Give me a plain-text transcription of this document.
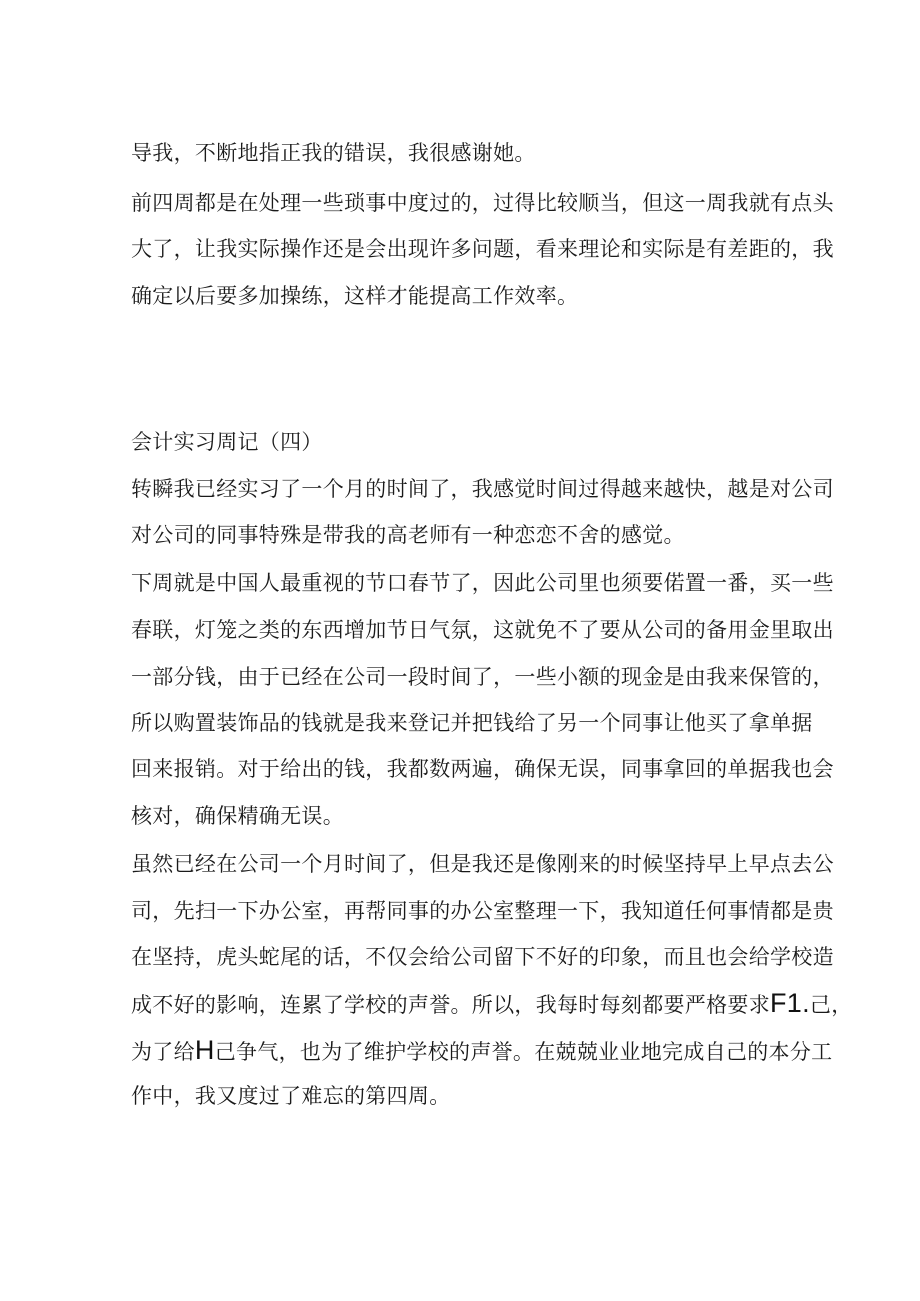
导我，不断地指正我的错误，我很感谢她。
前四周都是在处理一些琐事中度过的，过得比较顺当，但这一周我就有点头
大了，让我实际操作还是会出现许多问题，看来理论和实际是有差距的，我
确定以后要多加操练，这样才能提高工作效率。
会计实习周记（四）
转瞬我已经实习了一个月的时间了，我感觉时间过得越来越快，越是对公司
对公司的同事特殊是带我的高老师有一种恋恋不舍的感觉。
下周就是中国人最重视的节口春节了，因此公司里也须要偌置一番，买一些
春联，灯笼之类的东西增加节日气氛，这就免不了要从公司的备用金里取出
一部分钱，由于已经在公司一段时间了，一些小额的现金是由我来保管的，
所以购置装饰品的钱就是我来登记并把钱给了另一个同事让他买了拿单据
回来报销。对于给出的钱，我都数两遍，确保无误，同事拿回的单据我也会
核对，确保精确无误。
虽然已经在公司一个月时间了，但是我还是像刚来的时候坚持早上早点去公
司，先扫一下办公室，再帮同事的办公室整理一下，我知道任何事情都是贵
在坚持，虎头蛇尾的话，不仅会给公司留下不好的印象，而且也会给学校造
成不好的影响，连累了学校的声誉。所以，我每时每刻都要严格要求F1.己，
为了给H己争气，也为了维护学校的声誉。在兢兢业业地完成自己的本分工
作中，我又度过了难忘的第四周。
